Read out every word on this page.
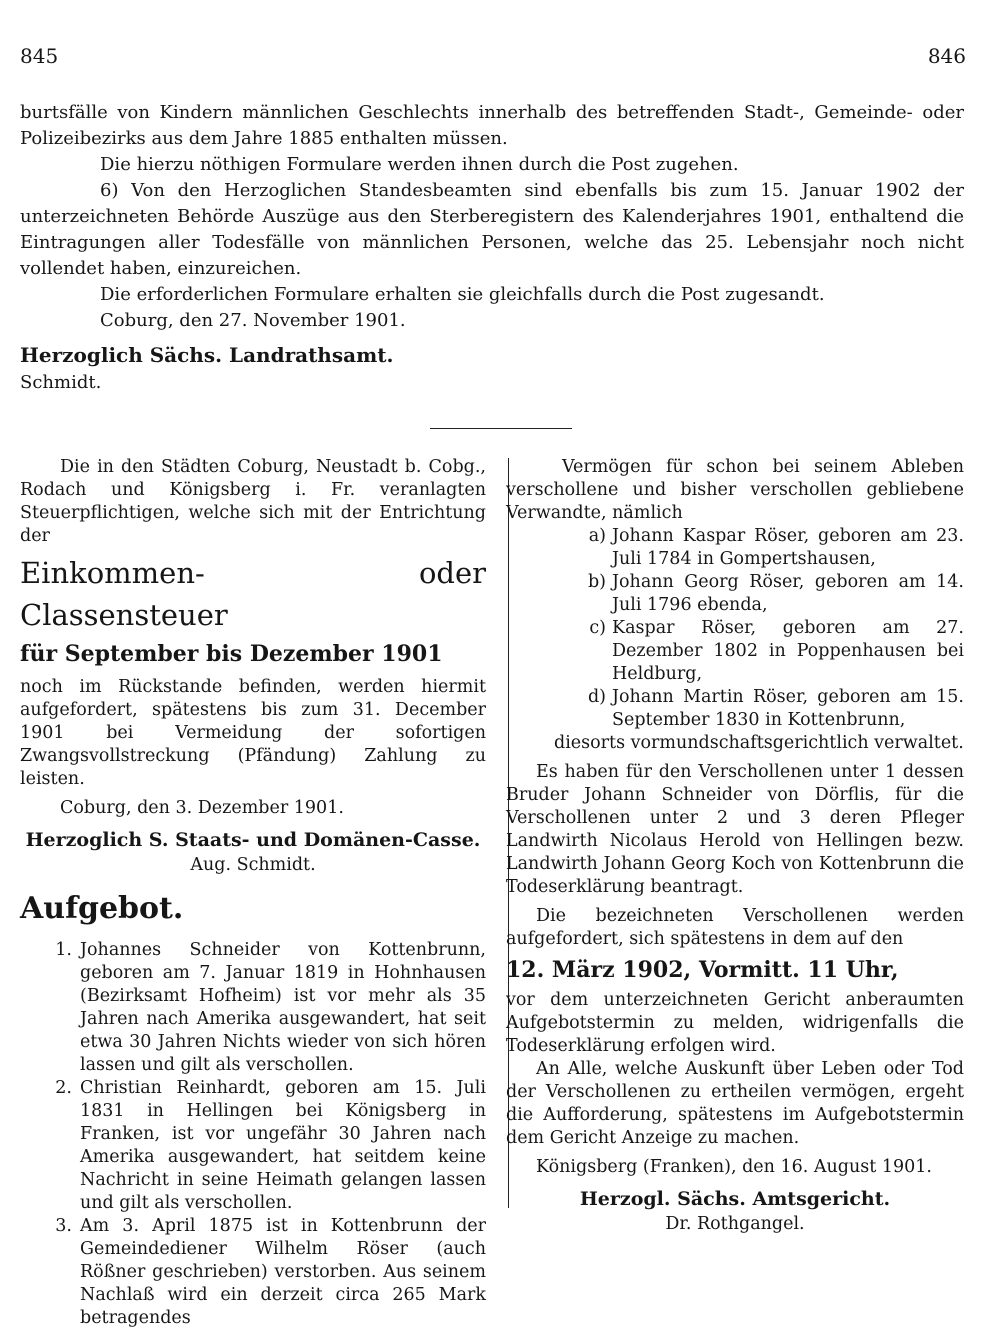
845	846

burtsfälle von Kindern männlichen Geschlechts innerhalb des betreffenden Stadt-, Gemeinde- oder Polizeibezirks aus dem Jahre 1885 enthalten müssen.

Die hierzu nöthigen Formulare werden ihnen durch die Post zugehen.

6) Von den Herzoglichen Standesbeamten sind ebenfalls bis zum 15. Januar 1902 der unterzeichneten Behörde Auszüge aus den Sterberegistern des Kalenderjahres 1901, enthaltend die Eintragungen aller Todesfälle von männlichen Personen, welche das 25. Lebensjahr noch nicht vollendet haben, einzureichen.

Die erforderlichen Formulare erhalten sie gleichfalls durch die Post zugesandt.

Coburg, den 27. November 1901.

Herzoglich Sächs. Landrathsamt.

Schmidt.

Die in den Städten Coburg, Neustadt b. Cobg., Rodach und Königsberg i. Fr. veranlagten Steuerpflichtigen, welche sich mit der Entrichtung der

Einkommen- oder Classensteuer

für September bis Dezember 1901

noch im Rückstande befinden, werden hiermit aufgefordert, spätestens bis zum 31. December 1901 bei Vermeidung der sofortigen Zwangsvollstreckung (Pfändung) Zahlung zu leisten.

Coburg, den 3. Dezember 1901.

Herzoglich S. Staats- und Domänen-Casse.

Aug. Schmidt.

Aufgebot.

1. Johannes Schneider von Kottenbrunn, geboren am 7. Januar 1819 in Hohnhausen (Bezirksamt Hofheim) ist vor mehr als 35 Jahren nach Amerika ausgewandert, hat seit etwa 30 Jahren Nichts wieder von sich hören lassen und gilt als verschollen.
2. Christian Reinhardt, geboren am 15. Juli 1831 in Hellingen bei Königsberg in Franken, ist vor ungefähr 30 Jahren nach Amerika ausgewandert, hat seitdem keine Nachricht in seine Heimath gelangen lassen und gilt als verschollen.
3. Am 3. April 1875 ist in Kottenbrunn der Gemeindediener Wilhelm Röser (auch Rößner geschrieben) verstorben. Aus seinem Nachlaß wird ein derzeit circa 265 Mark betragendes

Vermögen für schon bei seinem Ableben verschollene und bisher verschollen gebliebene Verwandte, nämlich

a) Johann Kaspar Röser, geboren am 23. Juli 1784 in Gompertshausen,
b) Johann Georg Röser, geboren am 14. Juli 1796 ebenda,
c) Kaspar Röser, geboren am 27. Dezember 1802 in Poppenhausen bei Heldburg,
d) Johann Martin Röser, geboren am 15. September 1830 in Kottenbrunn,

diesorts vormundschaftsgerichtlich verwaltet.

Es haben für den Verschollenen unter 1 dessen Bruder Johann Schneider von Dörflis, für die Verschollenen unter 2 und 3 deren Pfleger Landwirth Nicolaus Herold von Hellingen bezw. Landwirth Johann Georg Koch von Kottenbrunn die Todeserklärung beantragt.

Die bezeichneten Verschollenen werden aufgefordert, sich spätestens in dem auf den

12. März 1902, Vormitt. 11 Uhr,

vor dem unterzeichneten Gericht anberaumten Aufgebotstermin zu melden, widrigenfalls die Todeserklärung erfolgen wird.

An Alle, welche Auskunft über Leben oder Tod der Verschollenen zu ertheilen vermögen, ergeht die Aufforderung, spätestens im Aufgebotstermin dem Gericht Anzeige zu machen.

Königsberg (Franken), den 16. August 1901.

Herzogl. Sächs. Amtsgericht.

Dr. Rothgangel.
